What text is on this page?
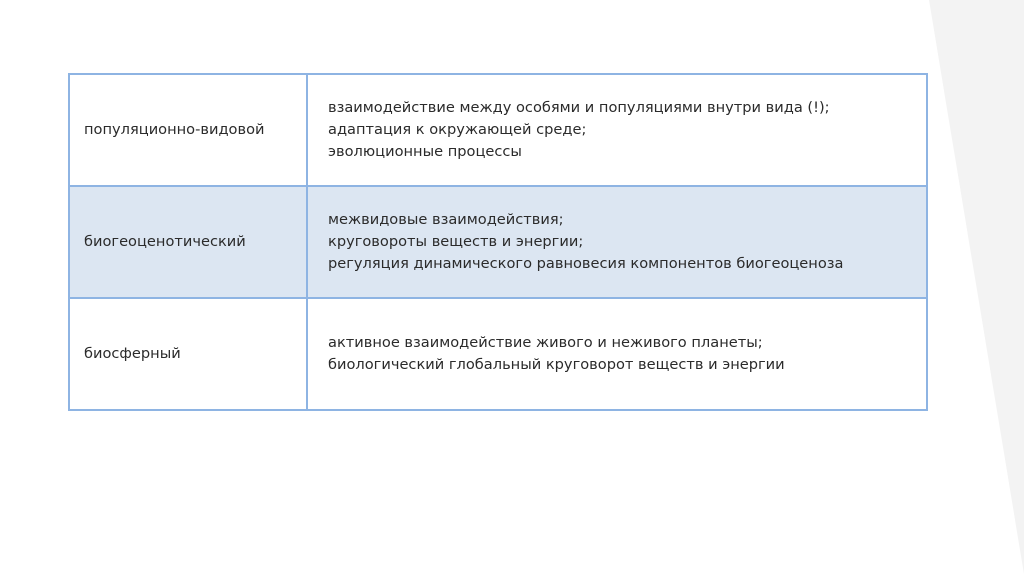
популяционно-видовой	взаимодействие между особями и популяциями внутри вида (!);
адаптация к окружающей среде;
эволюционные процессы

биогеоценотический	межвидовые взаимодействия;
круговороты веществ и энергии;
регуляция динамического равновесия компонентов биогеоценоза

биосферный	активное взаимодействие живого и неживого планеты;
биологический глобальный круговорот веществ и энергии
